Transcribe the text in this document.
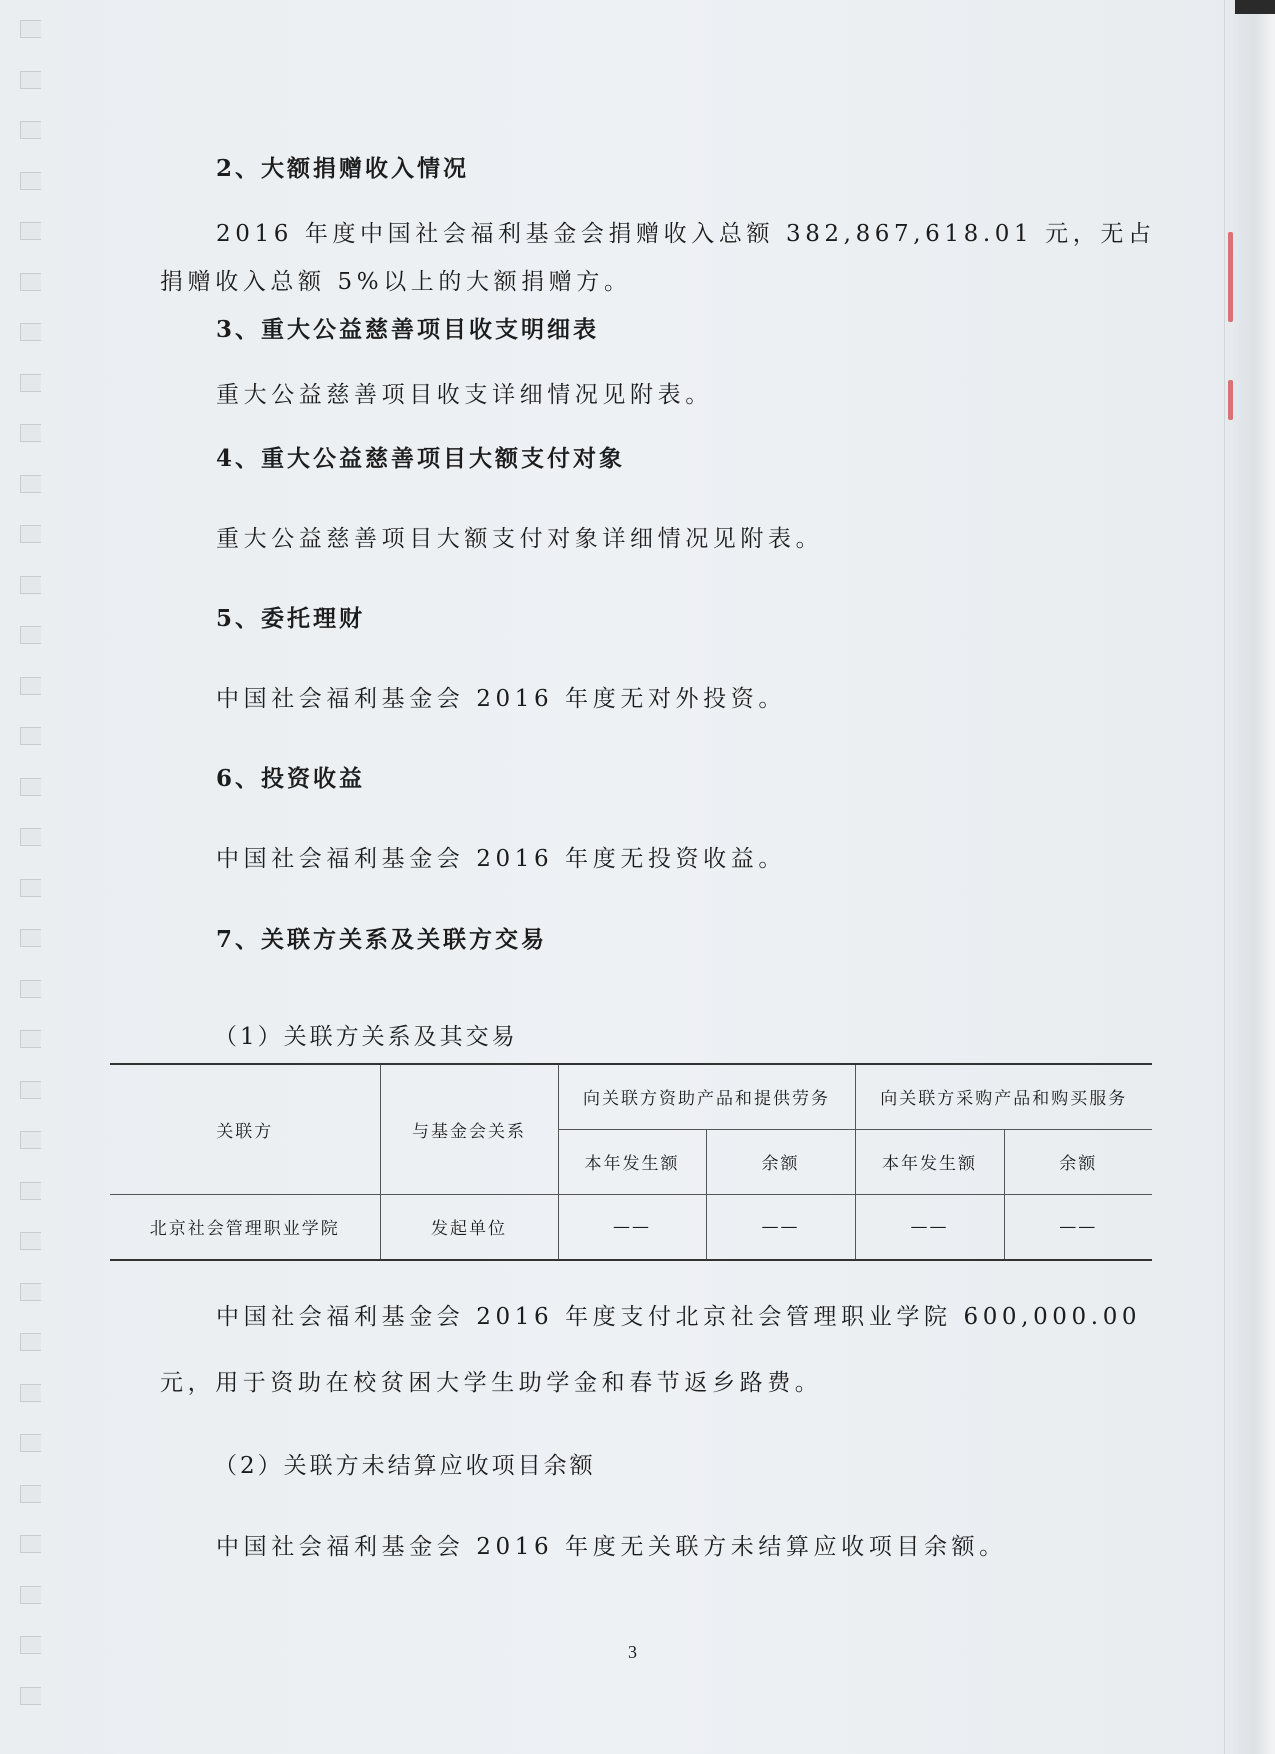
2、大额捐赠收入情况
2016 年度中国社会福利基金会捐赠收入总额 382,867,618.01 元，无占
捐赠收入总额 5%以上的大额捐赠方。
3、重大公益慈善项目收支明细表
重大公益慈善项目收支详细情况见附表。
4、重大公益慈善项目大额支付对象
重大公益慈善项目大额支付对象详细情况见附表。
5、委托理财
中国社会福利基金会 2016 年度无对外投资。
6、投资收益
中国社会福利基金会 2016 年度无投资收益。
7、关联方关系及关联方交易
（1）关联方关系及其交易
关联方	与基金会关系	向关联方资助产品和提供劳务		向关联方采购产品和购买服务	
		本年发生额	余额	本年发生额	余额
北京社会管理职业学院	发起单位	——	——	——	——
中国社会福利基金会 2016 年度支付北京社会管理职业学院 600,000.00
元，用于资助在校贫困大学生助学金和春节返乡路费。
（2）关联方未结算应收项目余额
中国社会福利基金会 2016 年度无关联方未结算应收项目余额。
3
